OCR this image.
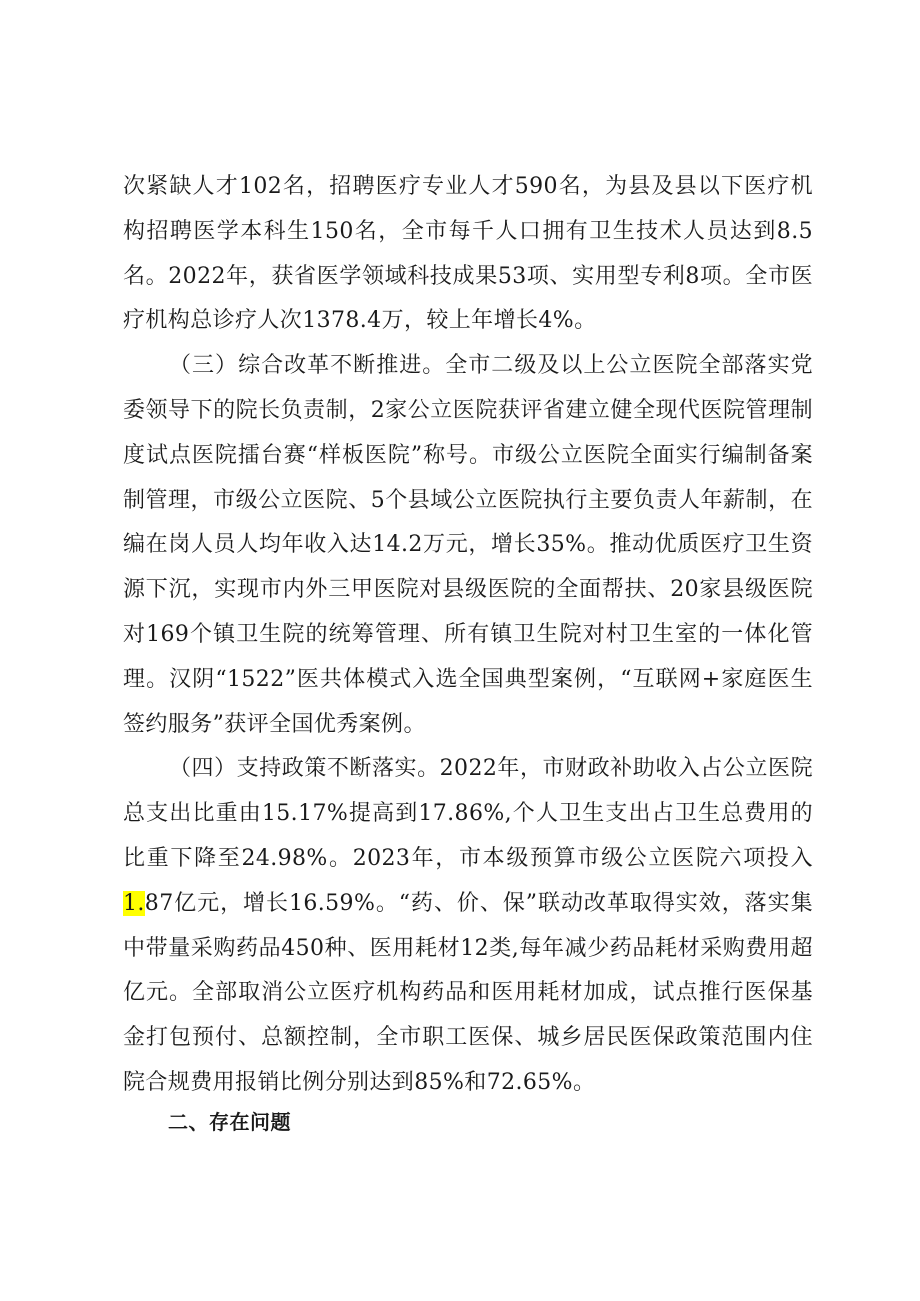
次紧缺人才102名，招聘医疗专业人才590名，为县及县以下医疗机构招聘医学本科生150名，全市每千人口拥有卫生技术人员达到8.5名。2022年，获省医学领域科技成果53项、实用型专利8项。全市医疗机构总诊疗人次1378.4万，较上年增长4%。

（三）综合改革不断推进。全市二级及以上公立医院全部落实党委领导下的院长负责制，2家公立医院获评省建立健全现代医院管理制度试点医院擂台赛“样板医院”称号。市级公立医院全面实行编制备案制管理，市级公立医院、5个县域公立医院执行主要负责人年薪制，在编在岗人员人均年收入达14.2万元，增长35%。推动优质医疗卫生资源下沉，实现市内外三甲医院对县级医院的全面帮扶、20家县级医院对169个镇卫生院的统筹管理、所有镇卫生院对村卫生室的一体化管理。汉阴“1522”医共体模式入选全国典型案例，“互联网+家庭医生签约服务”获评全国优秀案例。

（四）支持政策不断落实。2022年，市财政补助收入占公立医院总支出比重由15.17%提高到17.86%,个人卫生支出占卫生总费用的比重下降至24.98%。2023年，市本级预算市级公立医院六项投入1.87亿元，增长16.59%。“药、价、保”联动改革取得实效，落实集中带量采购药品450种、医用耗材12类,每年减少药品耗材采购费用超亿元。全部取消公立医疗机构药品和医用耗材加成，试点推行医保基金打包预付、总额控制，全市职工医保、城乡居民医保政策范围内住院合规费用报销比例分别达到85%和72.65%。

二、存在问题
